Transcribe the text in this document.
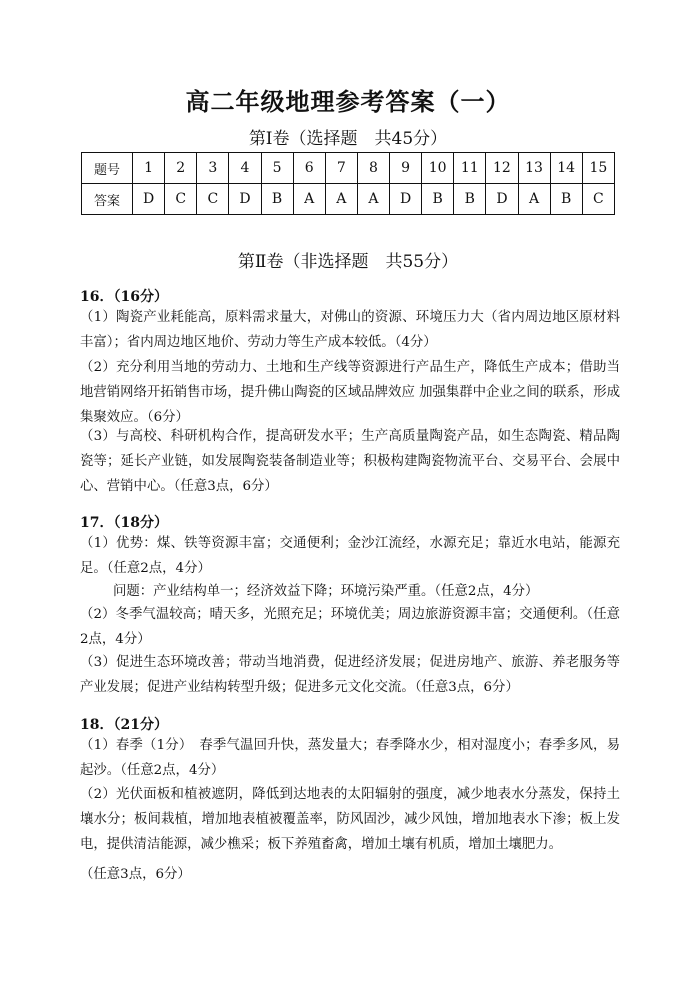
高二年级地理参考答案（一）
第Ⅰ卷（选择题　共45分）
题号	1	2	3	4	5	6	7	8	9	10	11	12	13	14	15
答案	D	C	C	D	B	A	A	A	D	B	B	D	A	B	C
第Ⅱ卷（非选择题　共55分）
16．（16分）
（1）陶瓷产业耗能高，原料需求量大，对佛山的资源、环境压力大（省内周边地区原材料丰富）；省内周边地区地价、劳动力等生产成本较低。（4分）
（2）充分利用当地的劳动力、土地和生产线等资源进行产品生产，降低生产成本；借助当地营销网络开拓销售市场，提升佛山陶瓷的区域品牌效应 加强集群中企业之间的联系，形成集聚效应。（6分）
（3）与高校、科研机构合作，提高研发水平；生产高质量陶瓷产品，如生态陶瓷、精品陶瓷等；延长产业链，如发展陶瓷装备制造业等；积极构建陶瓷物流平台、交易平台、会展中心、营销中心。（任意3点，6分）
17．（18分）
（1）优势：煤、铁等资源丰富；交通便利；金沙江流经，水源充足；靠近水电站，能源充足。（任意2点，4分）
问题：产业结构单一；经济效益下降；环境污染严重。（任意2点，4分）
（2）冬季气温较高；晴天多，光照充足；环境优美；周边旅游资源丰富；交通便利。（任意2点，4分）
（3）促进生态环境改善；带动当地消费，促进经济发展；促进房地产、旅游、养老服务等产业发展；促进产业结构转型升级；促进多元文化交流。（任意3点，6分）
18．（21分）
（1）春季（1分）　春季气温回升快，蒸发量大；春季降水少，相对湿度小；春季多风，易起沙。（任意2点，4分）
（2）光伏面板和植被遮阴，降低到达地表的太阳辐射的强度，减少地表水分蒸发，保持土壤水分；板间栽植，增加地表植被覆盖率，防风固沙，减少风蚀，增加地表水下渗；板上发电，提供清洁能源，减少樵采；板下养殖畜禽，增加土壤有机质，增加土壤肥力。
（任意3点，6分）
